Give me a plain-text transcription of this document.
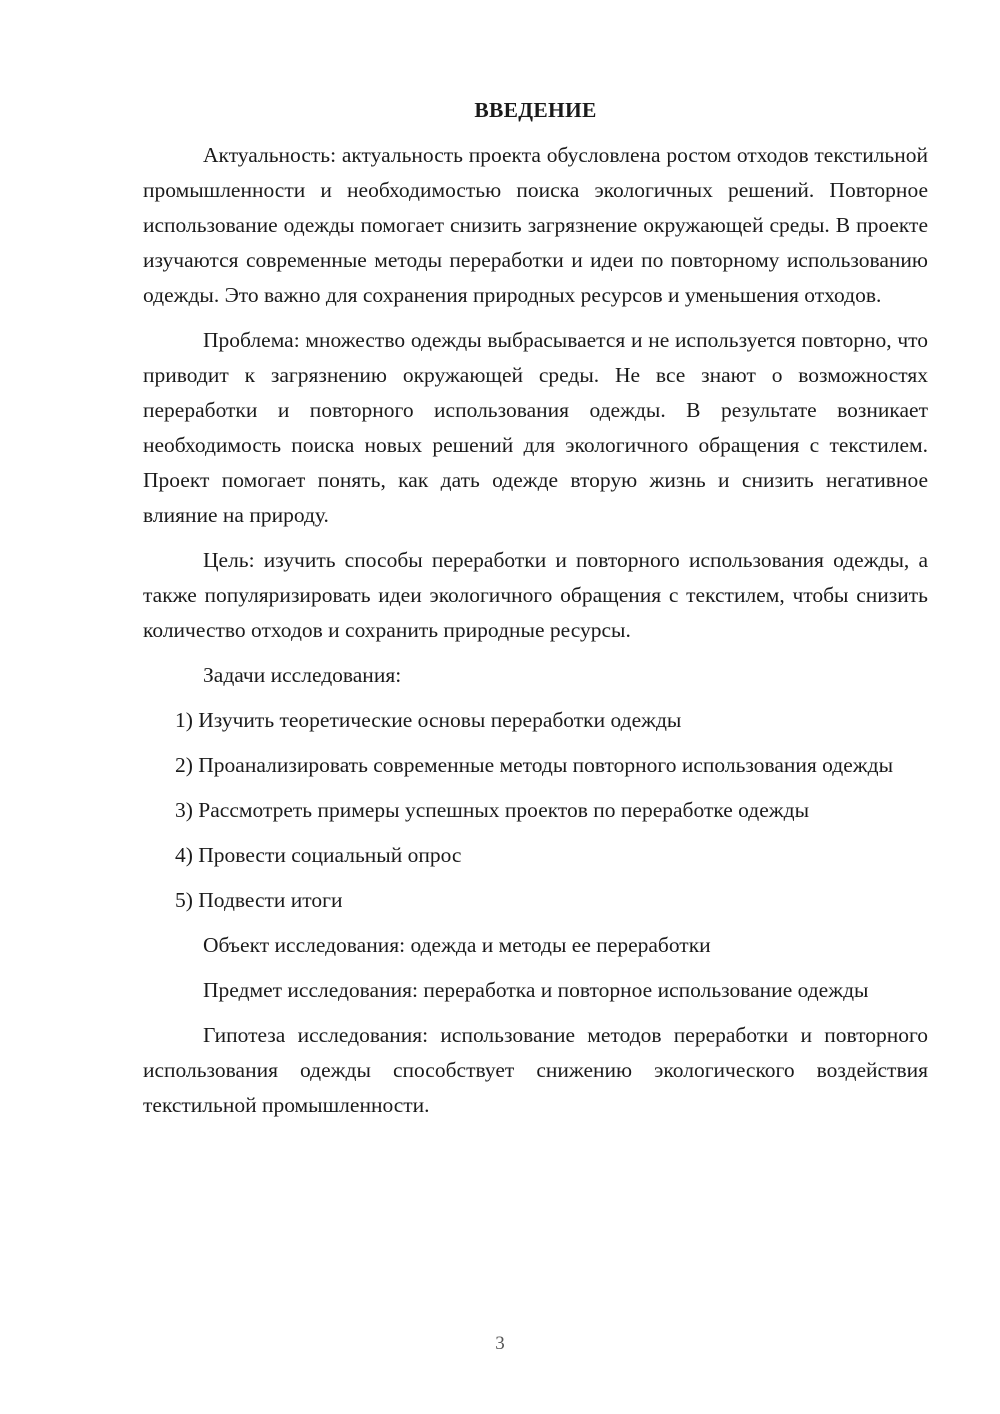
ВВЕДЕНИЕ

Актуальность: актуальность проекта обусловлена ростом отходов текстильной промышленности и необходимостью поиска экологичных решений. Повторное использование одежды помогает снизить загрязнение окружающей среды. В проекте изучаются современные методы переработки и идеи по повторному использованию одежды. Это важно для сохранения природных ресурсов и уменьшения отходов.

Проблема: множество одежды выбрасывается и не используется повторно, что приводит к загрязнению окружающей среды. Не все знают о возможностях переработки и повторного использования одежды. В результате возникает необходимость поиска новых решений для экологичного обращения с текстилем. Проект помогает понять, как дать одежде вторую жизнь и снизить негативное влияние на природу.

Цель: изучить способы переработки и повторного использования одежды, а также популяризировать идеи экологичного обращения с текстилем, чтобы снизить количество отходов и сохранить природные ресурсы.

Задачи исследования:

1) Изучить теоретические основы переработки одежды

2) Проанализировать современные методы повторного использования одежды

3) Рассмотреть примеры успешных проектов по переработке одежды

4) Провести социальный опрос

5) Подвести итоги

Объект исследования: одежда и методы ее переработки

Предмет исследования: переработка и повторное использование одежды

Гипотеза исследования: использование методов переработки и повторного использования одежды способствует снижению экологического воздействия текстильной промышленности.

3
